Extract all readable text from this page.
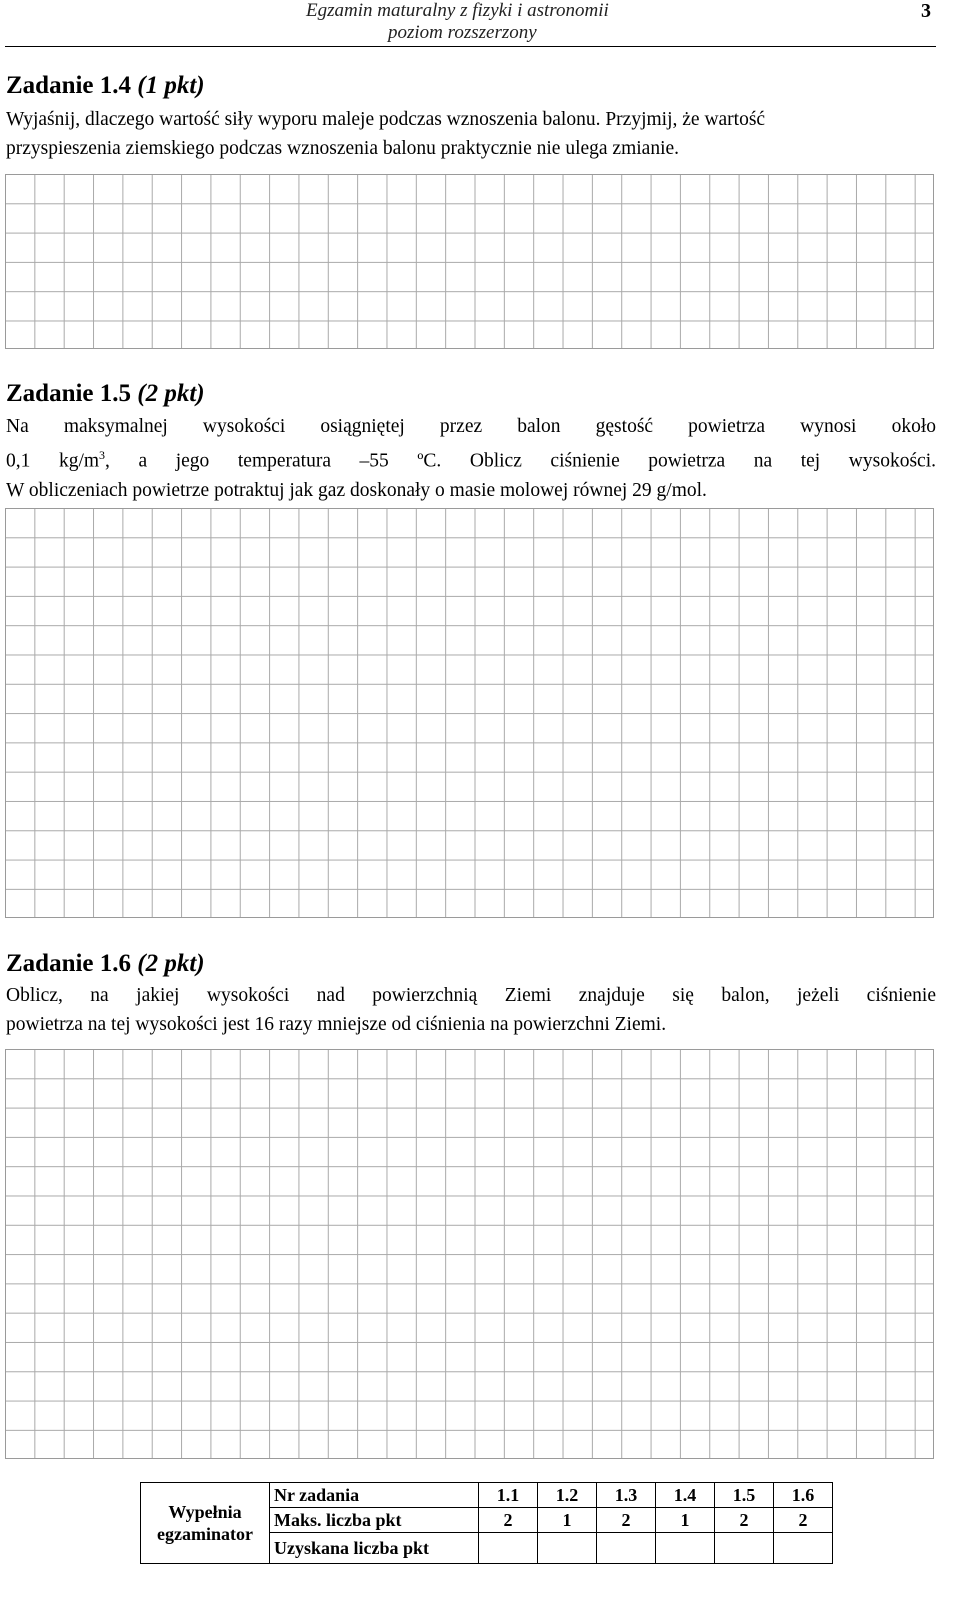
Egzamin maturalny z fizyki i astronomii
poziom rozszerzony
3
Zadanie 1.4 (1 pkt)
Wyjaśnij, dlaczego wartość siły wyporu maleje podczas wznoszenia balonu. Przyjmij, że wartość
przyspieszenia ziemskiego podczas wznoszenia balonu praktycznie nie ulega zmianie.
Zadanie 1.5 (2 pkt)
Na maksymalnej wysokości osiągniętej przez balon gęstość powietrza wynosi około
0,1 $kg/m^3$, a jego temperatura –55 ºC. Oblicz ciśnienie powietrza na tej wysokości.
W obliczeniach powietrze potraktuj jak gaz doskonały o masie molowej równej 29 g/mol.
Zadanie 1.6 (2 pkt)
Oblicz, na jakiej wysokości nad powierzchnią Ziemi znajduje się balon, jeżeli ciśnienie
powietrza na tej wysokości jest 16 razy mniejsze od ciśnienia na powierzchni Ziemi.
Wypełnia
egzaminator	Nr zadania	1.1	1.2	1.3	1.4	1.5	1.6
	Maks. liczba pkt	2	1	2	1	2	2
	Uzyskana liczba pkt						
